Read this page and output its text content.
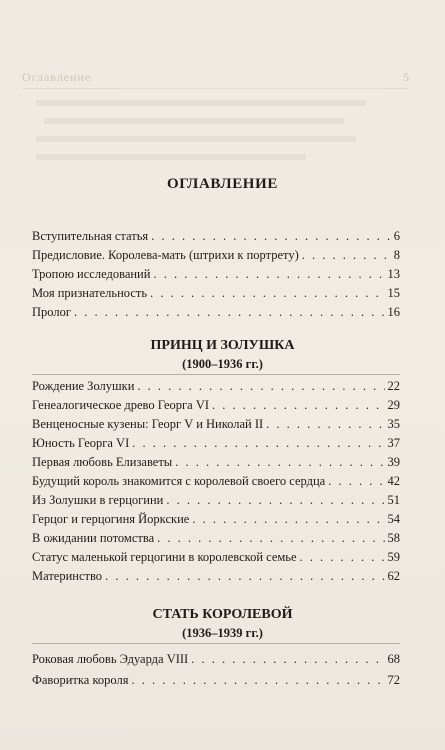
Оглавление	5
ОГЛАВЛЕНИЕ
Вступительная статья . . .	6
Предисловие. Королева-мать (штрихи к портрету) . . .	8
Тропою исследований . . .	13
Моя признательность . . .	15
Пролог . . .	16
ПРИНЦ И ЗОЛУШКА
(1900–1936 гг.)
Рождение Золушки . . .	22
Генеалогическое древо Георга VI . . .	29
Венценосные кузены: Георг V и Николай II . . .	35
Юность Георга VI . . .	37
Первая любовь Елизаветы . . .	39
Будущий король знакомится с королевой своего сердца . . .	42
Из Золушки в герцогини . . .	51
Герцог и герцогиня Йоркские . . .	54
В ожидании потомства . . .	58
Статус маленькой герцогини в королевской семье . . .	59
Материнство . . .	62
СТАТЬ КОРОЛЕВОЙ
(1936–1939 гг.)
Роковая любовь Эдуарда VIII . . .	68
Фаворитка короля . . .	72
